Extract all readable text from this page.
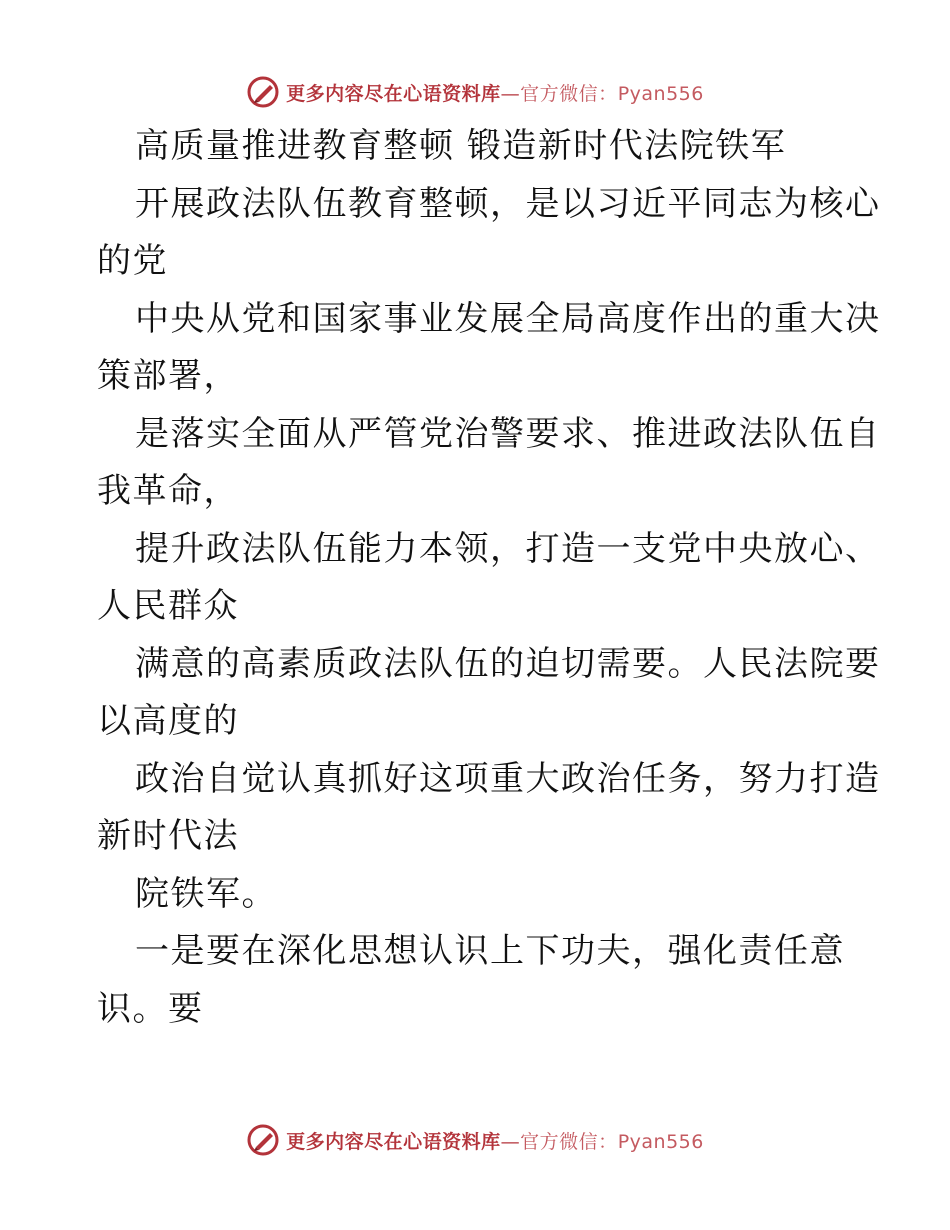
更多内容尽在心语资料库—官方微信：Pyan556
高质量推进教育整顿 锻造新时代法院铁军
开展政法队伍教育整顿，是以习近平同志为核心
的党
中央从党和国家事业发展全局高度作出的重大决
策部署，
是落实全面从严管党治警要求、推进政法队伍自
我革命，
提升政法队伍能力本领，打造一支党中央放心、
人民群众
满意的高素质政法队伍的迫切需要。人民法院要
以高度的
政治自觉认真抓好这项重大政治任务，努力打造
新时代法
院铁军。
一是要在深化思想认识上下功夫，强化责任意
识。要
更多内容尽在心语资料库—官方微信：Pyan556
